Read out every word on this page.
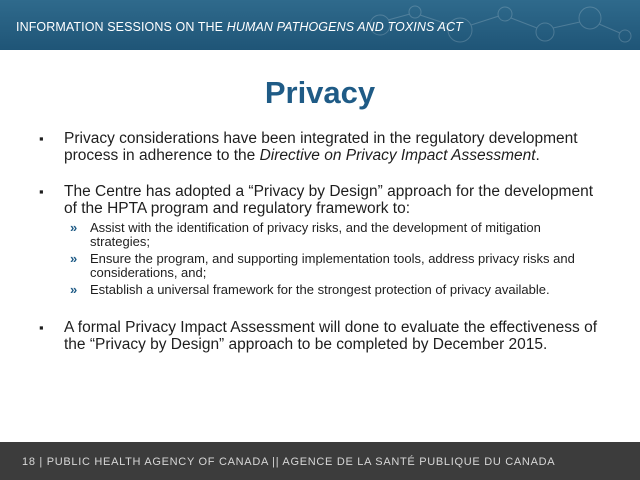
INFORMATION SESSIONS ON THE HUMAN PATHOGENS AND TOXINS ACT
Privacy
▪ Privacy considerations have been integrated in the regulatory development process in adherence to the Directive on Privacy Impact Assessment.
▪ The Centre has adopted a “Privacy by Design” approach for the development of the HPTA program and regulatory framework to:
» Assist with the identification of privacy risks, and the development of mitigation strategies;
» Ensure the program, and supporting implementation tools, address privacy risks and considerations, and;
» Establish a universal framework for the strongest protection of privacy available.
▪ A formal Privacy Impact Assessment will done to evaluate the effectiveness of the “Privacy by Design” approach to be completed by December 2015.
18 | PUBLIC HEALTH AGENCY OF CANADA || AGENCE DE LA SANTÉ PUBLIQUE DU CANADA
